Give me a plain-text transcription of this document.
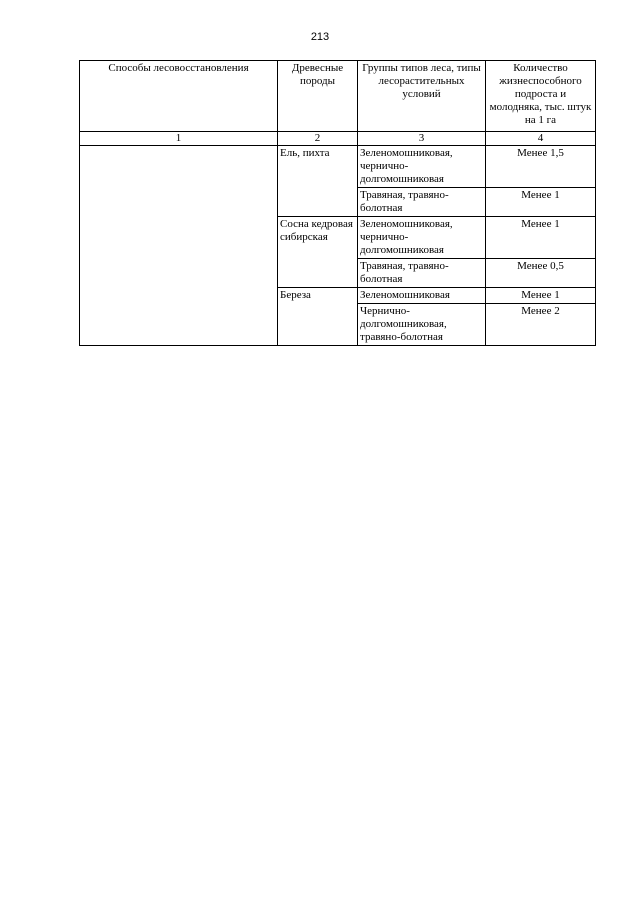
213
Способы лесовосстановления	Древесные породы	Группы типов леса, типы лесорастительных условий	Количество жизнеспособного подроста и молодняка, тыс. штук на 1 га
1	2	3	4
	Ель, пихта	Зеленомошниковая, чернично-долгомошниковая	Менее 1,5
		Травяная, травяно-болотная	Менее 1
	Сосна кедровая сибирская	Зеленомошниковая, чернично-долгомошниковая	Менее 1
		Травяная, травяно-болотная	Менее 0,5
	Береза	Зеленомошниковая	Менее 1
		Чернично-долгомошниковая, травяно-болотная	Менее 2
